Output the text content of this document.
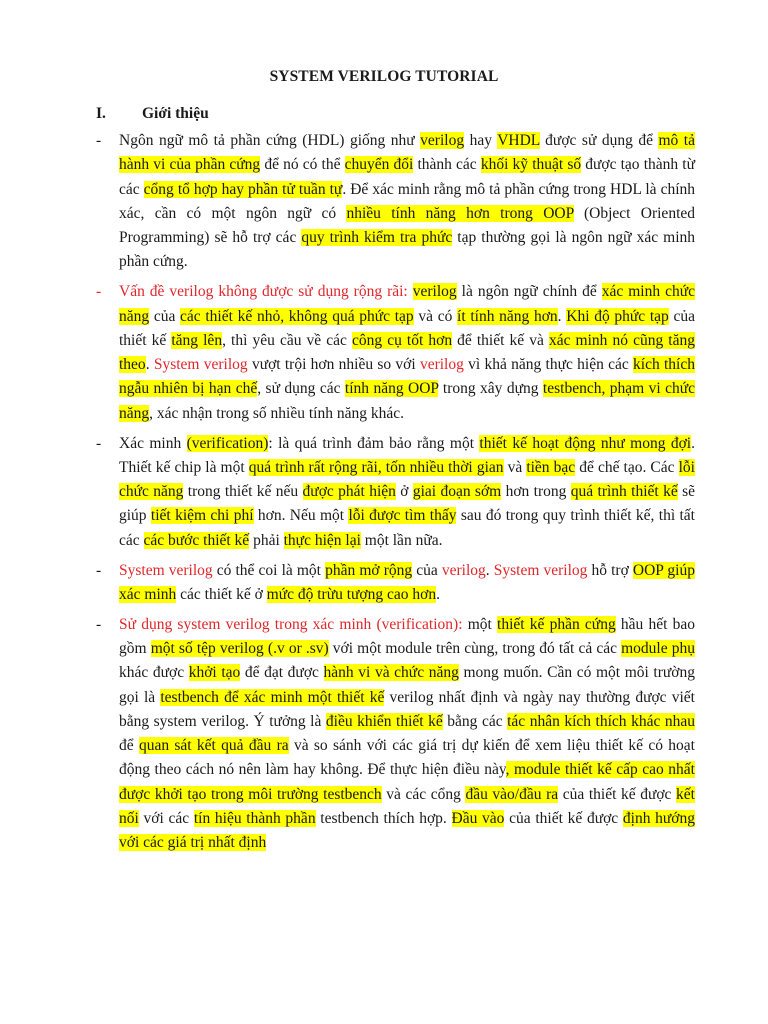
SYSTEM VERILOG TUTORIAL
I. Giới thiệu
- Ngôn ngữ mô tả phần cứng (HDL) giống như verilog hay VHDL được sử dụng để mô tả hành vi của phần cứng để nó có thể chuyển đổi thành các khối kỹ thuật số được tạo thành từ các cổng tổ hợp hay phần tử tuần tự. Để xác minh rằng mô tả phần cứng trong HDL là chính xác, cần có một ngôn ngữ có nhiều tính năng hơn trong OOP (Object Oriented Programming) sẽ hỗ trợ các quy trình kiểm tra phức tạp thường gọi là ngôn ngữ xác minh phần cứng.
- Vấn đề verilog không được sử dụng rộng rãi: verilog là ngôn ngữ chính để xác minh chức năng của các thiết kế nhỏ, không quá phức tạp và có ít tính năng hơn. Khi độ phức tạp của thiết kế tăng lên, thì yêu cầu về các công cụ tốt hơn để thiết kế và xác minh nó cũng tăng theo. System verilog vượt trội hơn nhiều so với verilog vì khả năng thực hiện các kích thích ngẫu nhiên bị hạn chế, sử dụng các tính năng OOP trong xây dựng testbench, phạm vi chức năng, xác nhận trong số nhiều tính năng khác.
- Xác minh (verification): là quá trình đảm bảo rằng một thiết kế hoạt động như mong đợi. Thiết kế chip là một quá trình rất rộng rãi, tốn nhiều thời gian và tiền bạc để chế tạo. Các lỗi chức năng trong thiết kế nếu được phát hiện ở giai đoạn sớm hơn trong quá trình thiết kế sẽ giúp tiết kiệm chi phí hơn. Nếu một lỗi được tìm thấy sau đó trong quy trình thiết kế, thì tất các các bước thiết kế phải thực hiện lại một lần nữa.
- System verilog có thể coi là một phần mở rộng của verilog. System verilog hỗ trợ OOP giúp xác minh các thiết kế ở mức độ trừu tượng cao hơn.
- Sử dụng system verilog trong xác minh (verification): một thiết kế phần cứng hầu hết bao gồm một số tệp verilog (.v or .sv) với một module trên cùng, trong đó tất cả các module phụ khác được khởi tạo để đạt được hành vi và chức năng mong muốn. Cần có một môi trường gọi là testbench để xác minh một thiết kế verilog nhất định và ngày nay thường được viết bằng system verilog. Ý tưởng là điều khiển thiết kế bằng các tác nhân kích thích khác nhau để quan sát kết quả đầu ra và so sánh với các giá trị dự kiến để xem liệu thiết kế có hoạt động theo cách nó nên làm hay không. Để thực hiện điều này, module thiết kế cấp cao nhất được khởi tạo trong môi trường testbench và các cổng đầu vào/đầu ra của thiết kế được kết nối với các tín hiệu thành phần testbench thích hợp. Đầu vào của thiết kế được định hướng với các giá trị nhất định
